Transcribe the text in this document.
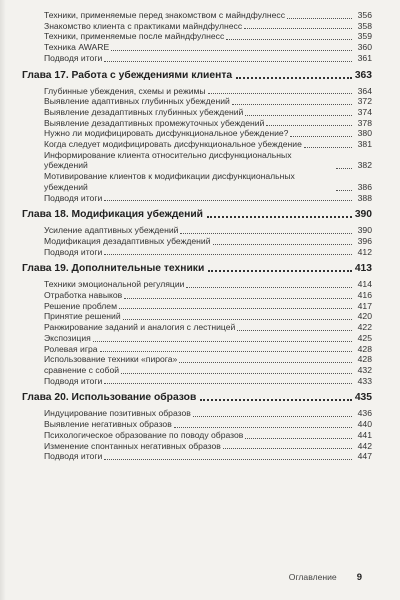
Техники, применяемые перед знакомством с майндфулнесс	356
Знакомство клиента с практиками майндфулнесс	358
Техники, применяемые после майндфулнесс	359
Техника AWARE	360
Подводя итоги	361
Глава 17. Работа с убеждениями клиента	363
Глубинные убеждения, схемы и режимы	364
Выявление адаптивных глубинных убеждений	372
Выявление дезадаптивных глубинных убеждений	374
Выявление дезадаптивных промежуточных убеждений	378
Нужно ли модифицировать дисфункциональное убеждение?	380
Когда следует модифицировать дисфункциональное убеждение	381
Информирование клиента относительно дисфункциональных убеждений	382
Мотивирование клиентов к модификации дисфункциональных убеждений	386
Подводя итоги	388
Глава 18. Модификация убеждений	390
Усиление адаптивных убеждений	390
Модификация дезадаптивных убеждений	396
Подводя итоги	412
Глава 19. Дополнительные техники	413
Техники эмоциональной регуляции	414
Отработка навыков	416
Решение проблем	417
Принятие решений	420
Ранжирование заданий и аналогия с лестницей	422
Экспозиция	425
Ролевая игра	428
Использование техники «пирога»	428
сравнение с собой	432
Подводя итоги	433
Глава 20. Использование образов	435
Индуцирование позитивных образов	436
Выявление негативных образов	440
Психологическое образование по поводу образов	441
Изменение спонтанных негативных образов	442
Подводя итоги	447
Оглавление 9
